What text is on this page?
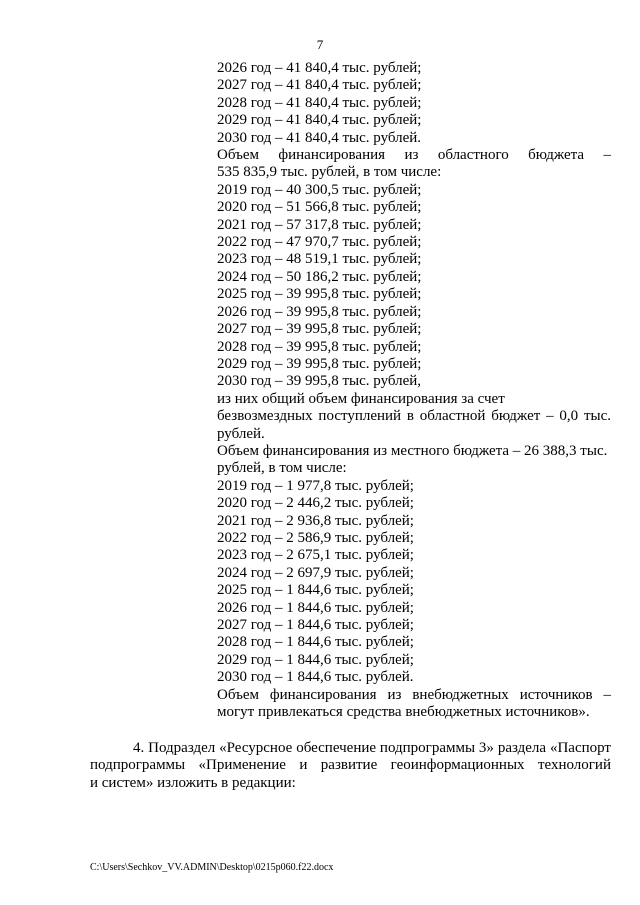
7
2026 год – 41 840,4 тыс. рублей;
2027 год – 41 840,4 тыс. рублей;
2028 год – 41 840,4 тыс. рублей;
2029 год – 41 840,4 тыс. рублей;
2030 год – 41 840,4 тыс. рублей.
Объем финансирования из областного бюджета –
535 835,9 тыс. рублей, в том числе:
2019 год – 40 300,5 тыс. рублей;
2020 год – 51 566,8 тыс. рублей;
2021 год – 57 317,8 тыс. рублей;
2022 год – 47 970,7 тыс. рублей;
2023 год – 48 519,1 тыс. рублей;
2024 год – 50 186,2 тыс. рублей;
2025 год – 39 995,8 тыс. рублей;
2026 год – 39 995,8 тыс. рублей;
2027 год – 39 995,8 тыс. рублей;
2028 год – 39 995,8 тыс. рублей;
2029 год – 39 995,8 тыс. рублей;
2030 год – 39 995,8 тыс. рублей,
из них общий объем финансирования за счет
безвозмездных поступлений в областной бюджет – 0,0 тыс.
рублей.
Объем финансирования из местного бюджета – 26 388,3 тыс.
рублей, в том числе:
2019 год – 1 977,8 тыс. рублей;
2020 год – 2 446,2 тыс. рублей;
2021 год – 2 936,8 тыс. рублей;
2022 год – 2 586,9 тыс. рублей;
2023 год – 2 675,1 тыс. рублей;
2024 год – 2 697,9 тыс. рублей;
2025 год – 1 844,6 тыс. рублей;
2026 год – 1 844,6 тыс. рублей;
2027 год – 1 844,6 тыс. рублей;
2028 год – 1 844,6 тыс. рублей;
2029 год – 1 844,6 тыс. рублей;
2030 год – 1 844,6 тыс. рублей.
Объем финансирования из внебюджетных источников –
могут привлекаться средства внебюджетных источников».
4. Подраздел «Ресурсное обеспечение подпрограммы 3» раздела «Паспорт
подпрограммы «Применение и развитие геоинформационных технологий
и систем» изложить в редакции:
C:\Users\Sechkov_VV.ADMIN\Desktop\0215p060.f22.docx
